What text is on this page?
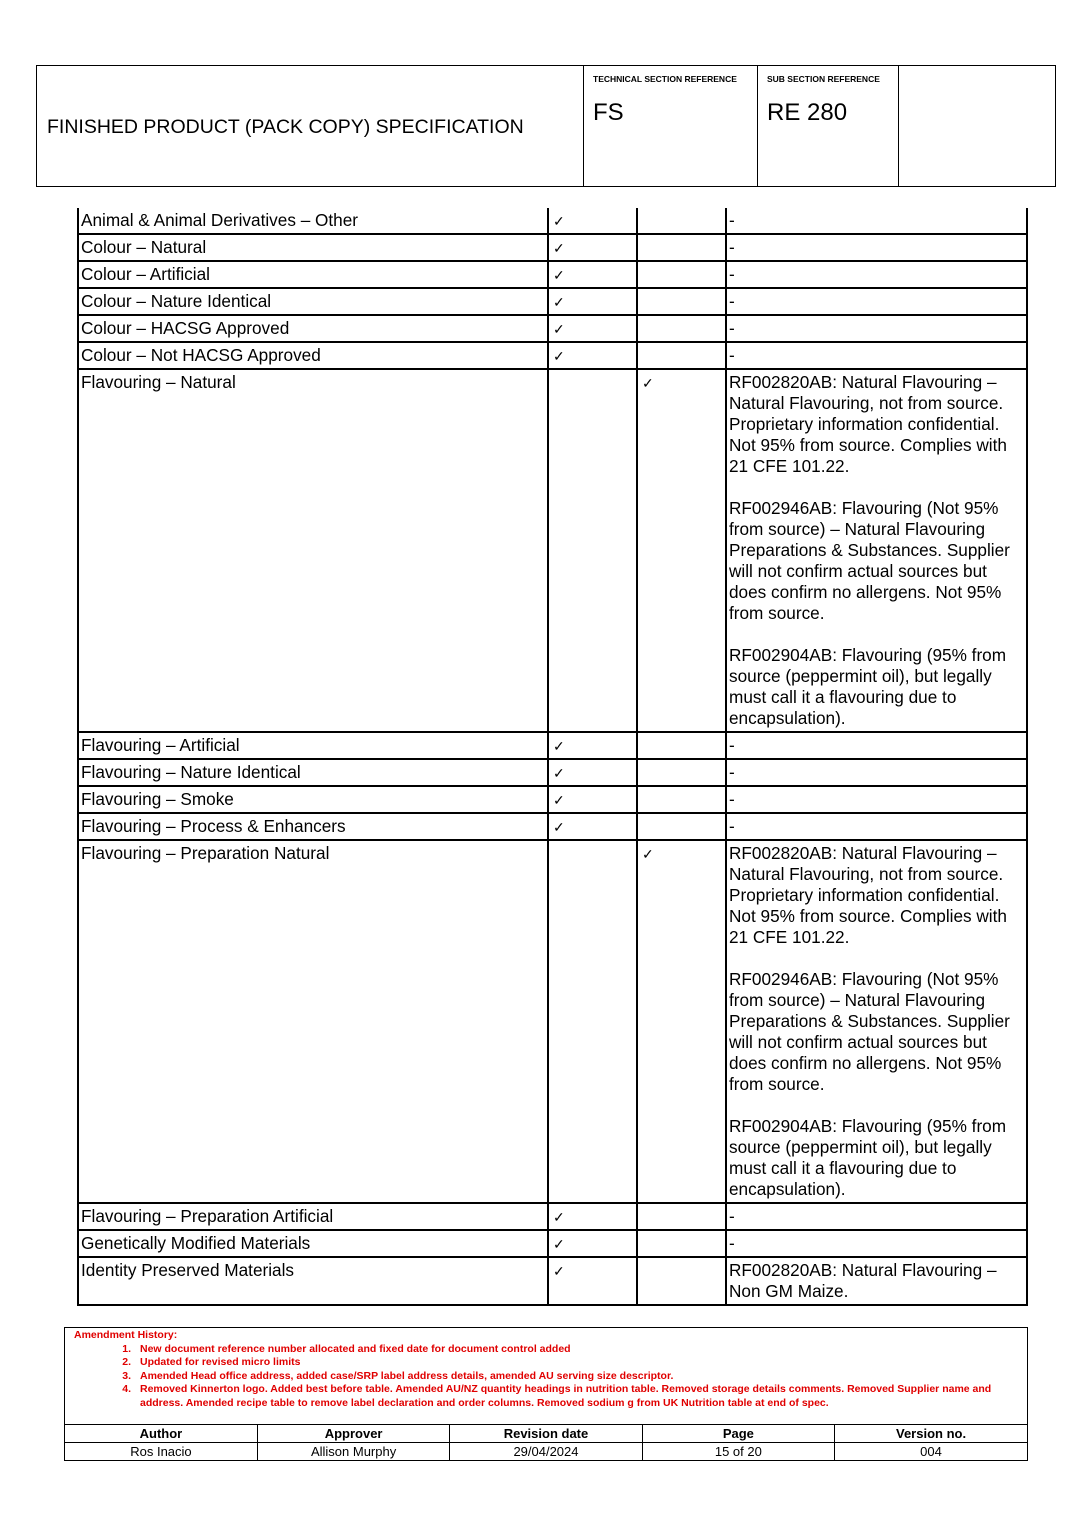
FINISHED PRODUCT (PACK COPY) SPECIFICATION
TECHNICAL SECTION REFERENCE
FS
SUB SECTION REFERENCE
RE 280
Animal & Animal Derivatives – Other	✓		-

Colour – Natural	✓		-

Colour – Artificial	✓		-

Colour – Nature Identical	✓		-

Colour – HACSG Approved	✓		-

Colour – Not HACSG Approved	✓		-

Flavouring – Natural		✓	RF002820AB: Natural Flavouring – Natural Flavouring, not from source. Proprietary information confidential. Not 95% from source. Complies with 21 CFE 101.22.

RF002946AB: Flavouring (Not 95% from source) – Natural Flavouring Preparations & Substances. Supplier will not confirm actual sources but does confirm no allergens. Not 95% from source.

RF002904AB: Flavouring (95% from source (peppermint oil), but legally must call it a flavouring due to encapsulation).

Flavouring – Artificial	✓		-

Flavouring – Nature Identical	✓		-

Flavouring – Smoke	✓		-

Flavouring – Process & Enhancers	✓		-

Flavouring – Preparation Natural		✓	RF002820AB: Natural Flavouring – Natural Flavouring, not from source. Proprietary information confidential. Not 95% from source. Complies with 21 CFE 101.22.

RF002946AB: Flavouring (Not 95% from source) – Natural Flavouring Preparations & Substances. Supplier will not confirm actual sources but does confirm no allergens. Not 95% from source.

RF002904AB: Flavouring (95% from source (peppermint oil), but legally must call it a flavouring due to encapsulation).

Flavouring – Preparation Artificial	✓		-

Genetically Modified Materials	✓		-

Identity Preserved Materials	✓		RF002820AB: Natural Flavouring – Non GM Maize.

Amendment History:
1. New document reference number allocated and fixed date for document control added
2. Updated for revised micro limits
3. Amended Head office address, added case/SRP label address details, amended AU serving size descriptor.
4. Removed Kinnerton logo. Added best before table. Amended AU/NZ quantity headings in nutrition table. Removed storage details comments. Removed Supplier name and address. Amended recipe table to remove label declaration and order columns. Removed sodium g from UK Nutrition table at end of spec.
Author	Approver	Revision date	Page	Version no.
Ros Inacio	Allison Murphy	29/04/2024	15 of 20	004
